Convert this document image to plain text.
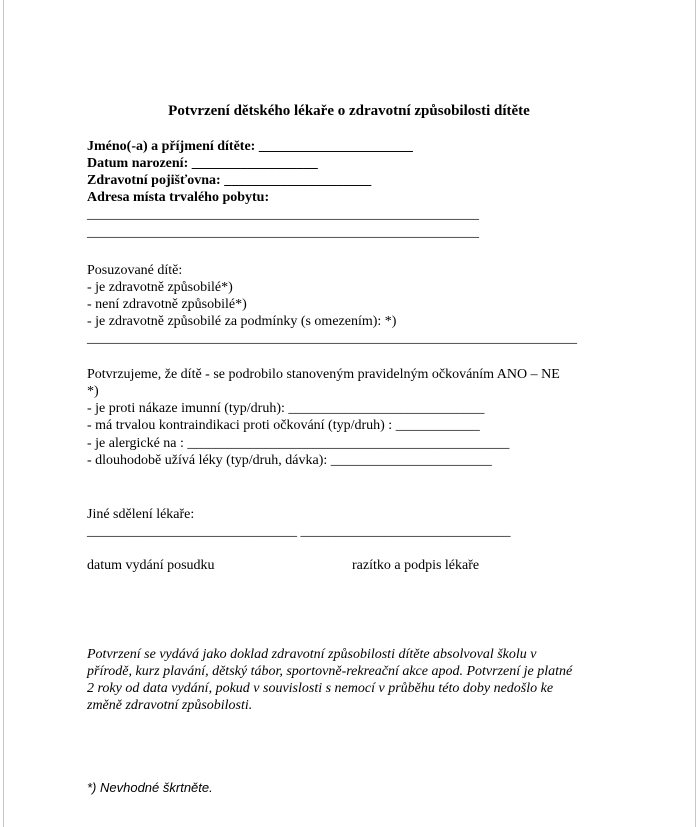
Potvrzení dětského lékaře o zdravotní způsobilosti dítěte
Jméno(-a) a příjmení dítěte: ______________________
Datum narození: __________________
Zdravotní pojišťovna: _____________________
Adresa místa trvalého pobytu:
________________________________________________________
________________________________________________________
Posuzované dítě:
- je zdravotně způsobilé*)
- není zdravotně způsobilé*)
- je zdravotně způsobilé za podmínky (s omezením): *)
______________________________________________________________________
Potvrzujeme, že dítě - se podrobilo stanoveným pravidelným očkováním ANO – NE
*)
- je proti nákaze imunní (typ/druh): ____________________________
- má trvalou kontraindikaci proti očkování (typ/druh) : ____________
- je alergické na : ______________________________________________
- dlouhodobě užívá léky (typ/druh, dávka): _______________________
Jiné sdělení lékaře:
______________________________ ______________________________
datum vydání posudku	razítko a podpis lékaře
Potvrzení se vydává jako doklad zdravotní způsobilosti dítěte absolvoval školu v
přírodě, kurz plavání, dětský tábor, sportovně-rekreační akce apod. Potvrzení je platné
2 roky od data vydání, pokud v souvislosti s nemocí v průběhu této doby nedošlo ke
změně zdravotní způsobilosti.
*) Nevhodné škrtněte.
